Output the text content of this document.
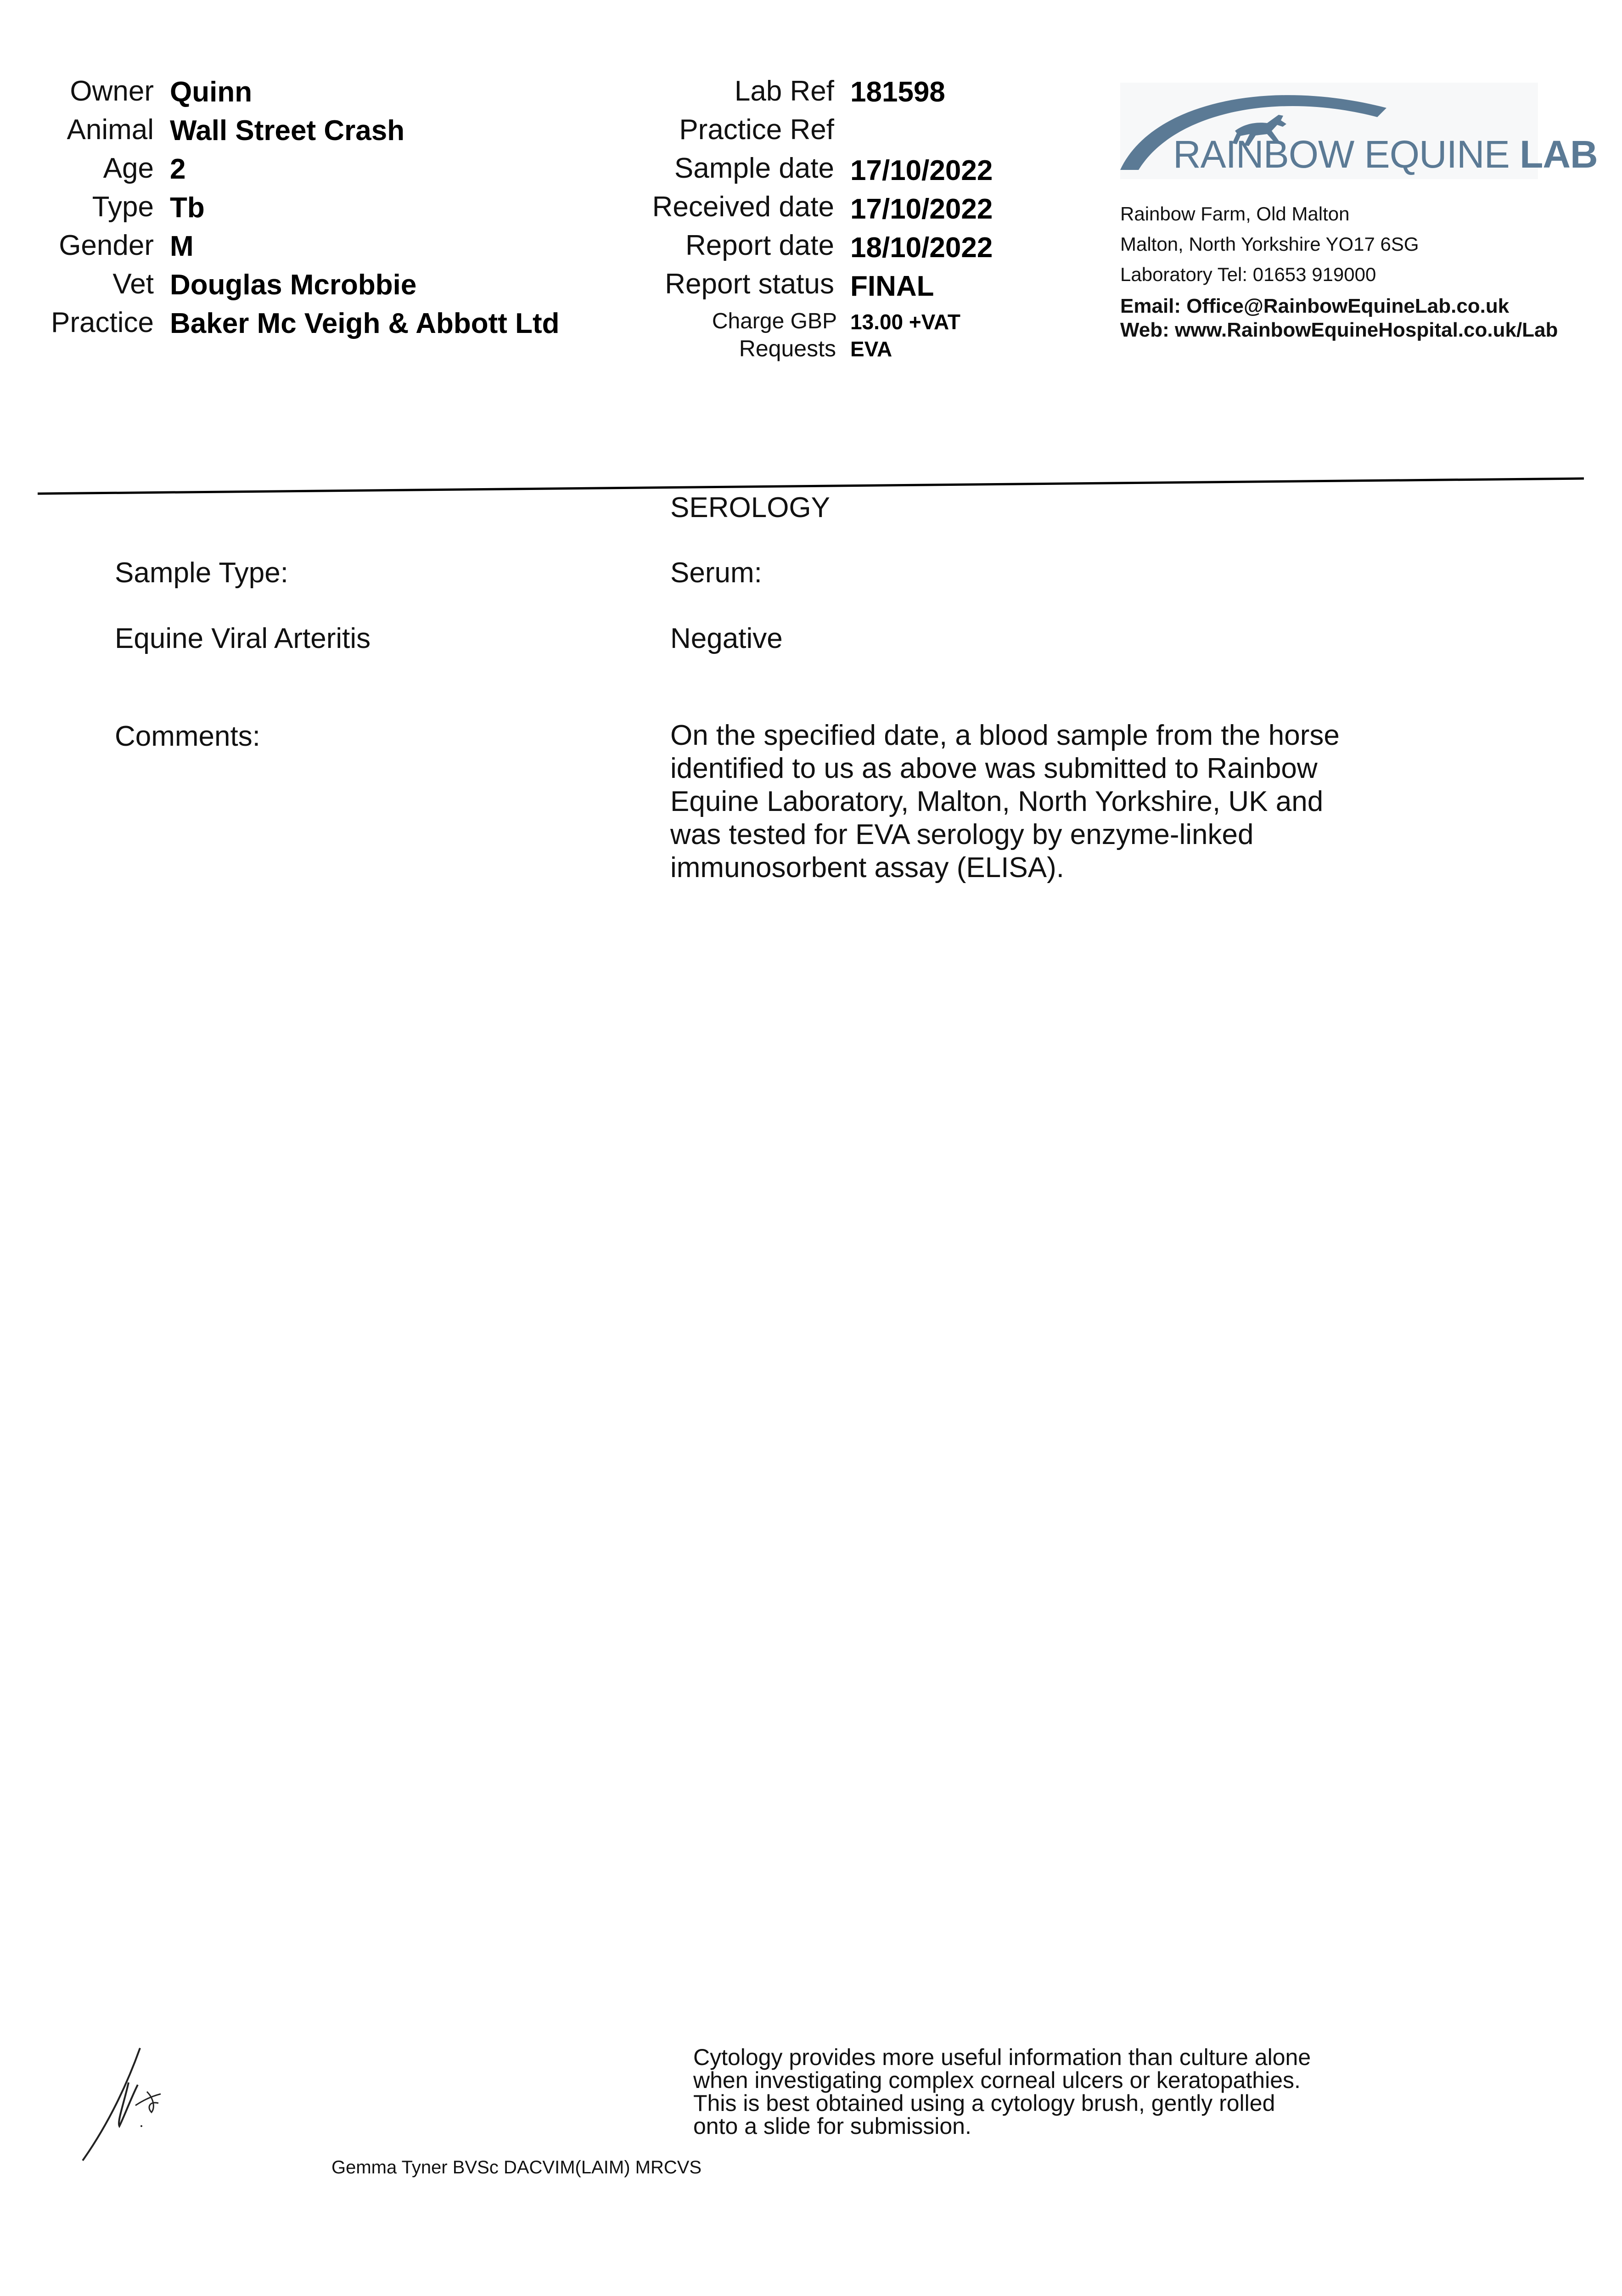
Owner Quinn
Animal Wall Street Crash
Age 2
Type Tb
Gender M
Vet Douglas Mcrobbie
Practice Baker Mc Veigh & Abbott Ltd
Lab Ref 181598
Practice Ref
Sample date 17/10/2022
Received date 17/10/2022
Report date 18/10/2022
Report status FINAL
Charge GBP 13.00 +VAT
Requests EVA
RAINBOW EQUINE LAB
Rainbow Farm, Old Malton
Malton, North Yorkshire YO17 6SG
Laboratory Tel: 01653 919000
Email: Office@RainbowEquineLab.co.uk
Web: www.RainbowEquineHospital.co.uk/Lab
SEROLOGY
Sample Type:	Serum:
Equine Viral Arteritis	Negative
Comments:	On the specified date, a blood sample from the horse
identified to us as above was submitted to Rainbow
Equine Laboratory, Malton, North Yorkshire, UK and
was tested for EVA serology by enzyme-linked
immunosorbent assay (ELISA).
Cytology provides more useful information than culture alone
when investigating complex corneal ulcers or keratopathies.
This is best obtained using a cytology brush, gently rolled
onto a slide for submission.
Gemma Tyner BVSc DACVIM(LAIM) MRCVS
